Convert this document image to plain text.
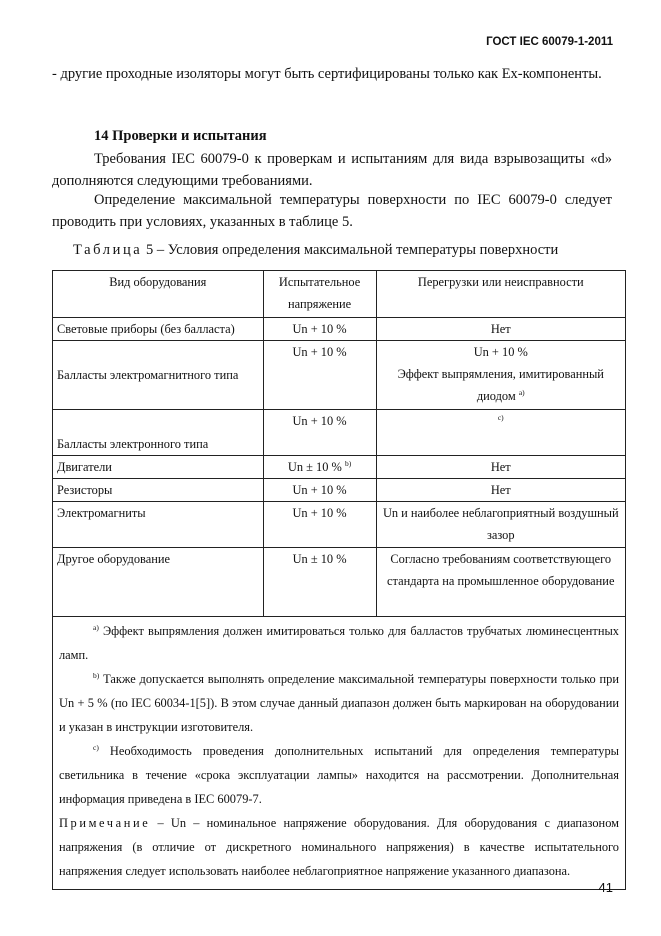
ГОСТ IEC 60079-1-2011
- другие проходные изоляторы могут быть сертифицированы только как Ex-компоненты.
14 Проверки и испытания
Требования IEC 60079-0 к проверкам и испытаниям для вида взрывозащиты «d» дополняются следующими требованиями.
Определение максимальной температуры поверхности по IEC 60079-0 следует проводить при условиях, указанных в таблице 5.
Таблица 5 – Условия определения максимальной температуры поверхности
Вид оборудования	Испытательное напряжение	Перегрузки или неисправности
Световые приборы (без балласта)	Un + 10 %	Нет
Балласты электромагнитного типа	Un + 10 %	Un + 10 %
Эффект выпрямления, имитированный диодом $^{a)}$

Балласты электронного типа	Un + 10 %	$^{c)}$
Двигатели	Un ± 10 % $^{b)}$	Нет
Резисторы	Un + 10 %	Нет
Электромагниты	Un + 10 %	Un и наиболее неблагоприятный воздушный зазор
Другое оборудование	Un ± 10 %	Согласно требованиям соответствующего стандарта на промышленное оборудование

$^{a)}$ Эффект выпрямления должен имитироваться только для балластов трубчатых люминесцентных ламп.
$^{b)}$ Также допускается выполнять определение максимальной температуры поверхности только при Un + 5 % (по IEC 60034-1[5]). В этом случае данный диапазон должен быть маркирован на оборудовании и указан в инструкции изготовителя.
$^{c)}$ Необходимость проведения дополнительных испытаний для определения температуры светильника в течение «срока эксплуатации лампы» находится на рассмотрении. Дополнительная информация приведена в IEC 60079-7.
Примечание – Un – номинальное напряжение оборудования. Для оборудования с диапазоном напряжения (в отличие от дискретного номинального напряжения) в качестве испытательного напряжения следует использовать наиболее неблагоприятное напряжение указанного диапазона.		
41
